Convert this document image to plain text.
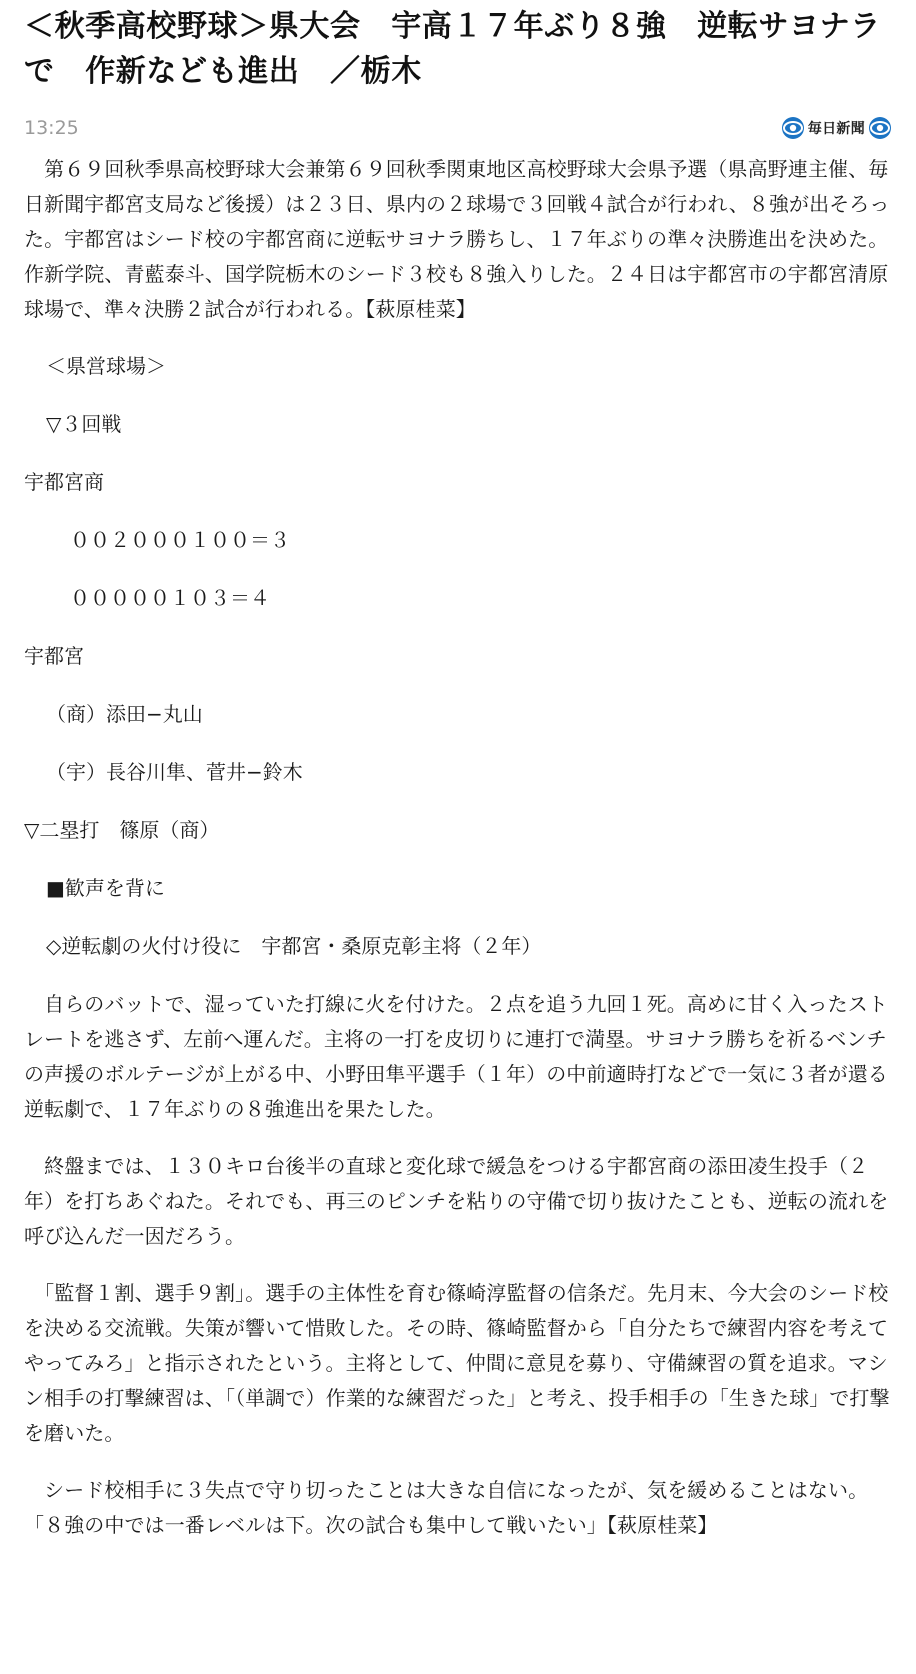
＜秋季高校野球＞県大会　宇高１７年ぶり８強　逆転サヨナラで　作新なども進出　／栃木
13:25	毎日新聞

　第６９回秋季県高校野球大会兼第６９回秋季関東地区高校野球大会県予選（県高野連主催、毎日新聞宇都宮支局など後援）は２３日、県内の２球場で３回戦４試合が行われ、８強が出そろった。宇都宮はシード校の宇都宮商に逆転サヨナラ勝ちし、１７年ぶりの準々決勝進出を決めた。作新学院、青藍泰斗、国学院栃木のシード３校も８強入りした。２４日は宇都宮市の宇都宮清原球場で、準々決勝２試合が行われる。【萩原桂菜】

＜県営球場＞

▽３回戦

宇都宮商

００２０００１００＝３

０００００１０３＝４

宇都宮

（商）添田−丸山

（宇）長谷川隼、菅井−鈴木

▽二塁打　篠原（商）

■歓声を背に

◇逆転劇の火付け役に　宇都宮・桑原克彰主将（２年）

　自らのバットで、湿っていた打線に火を付けた。２点を追う九回１死。高めに甘く入ったストレートを逃さず、左前へ運んだ。主将の一打を皮切りに連打で満塁。サヨナラ勝ちを祈るベンチの声援のボルテージが上がる中、小野田隼平選手（１年）の中前適時打などで一気に３者が還る逆転劇で、１７年ぶりの８強進出を果たした。

　終盤までは、１３０キロ台後半の直球と変化球で緩急をつける宇都宮商の添田凌生投手（２年）を打ちあぐねた。それでも、再三のピンチを粘りの守備で切り抜けたことも、逆転の流れを呼び込んだ一因だろう。

　「監督１割、選手９割」。選手の主体性を育む篠崎淳監督の信条だ。先月末、今大会のシード校を決める交流戦。失策が響いて惜敗した。その時、篠崎監督から「自分たちで練習内容を考えてやってみろ」と指示されたという。主将として、仲間に意見を募り、守備練習の質を追求。マシン相手の打撃練習は、「（単調で）作業的な練習だった」と考え、投手相手の「生きた球」で打撃を磨いた。

　シード校相手に３失点で守り切ったことは大きな自信になったが、気を緩めることはない。「８強の中では一番レベルは下。次の試合も集中して戦いたい」【萩原桂菜】
